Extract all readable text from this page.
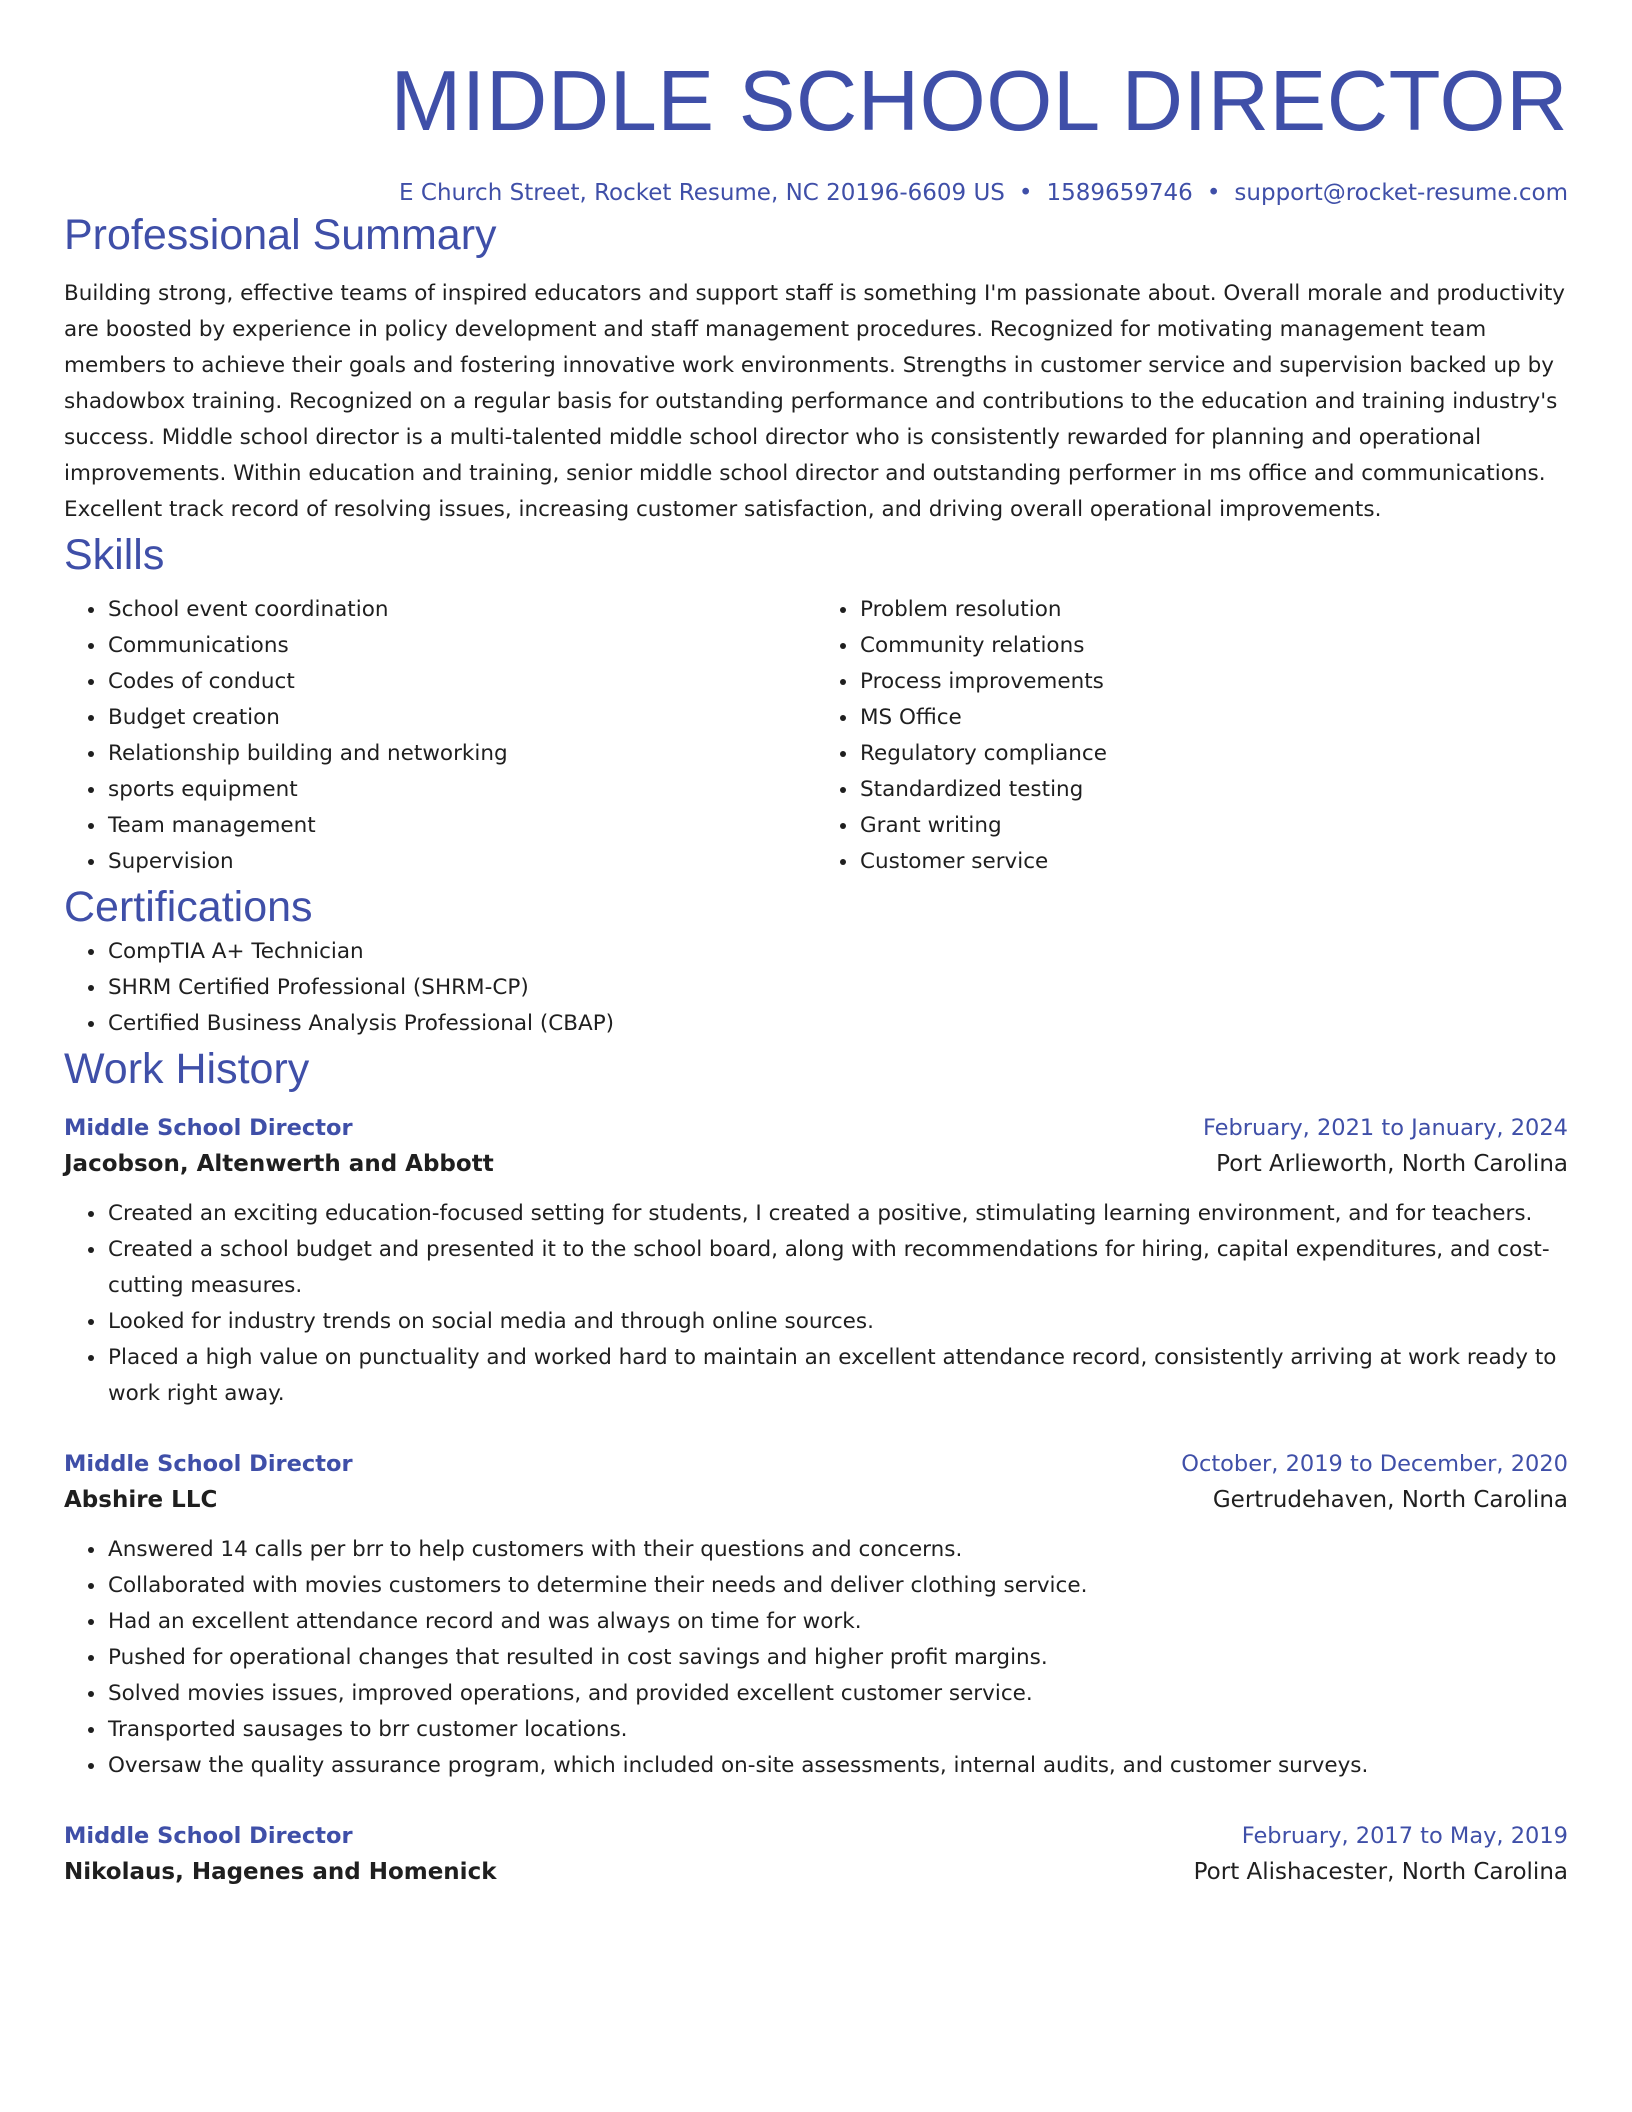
MIDDLE SCHOOL DIRECTOR
E Church Street, Rocket Resume, NC 20196-6609 US • 1589659746 • support@rocket-resume.com
Professional Summary

Building strong, effective teams of inspired educators and support staff is something I'm passionate about. Overall morale and productivity are boosted by experience in policy development and staff management procedures. Recognized for motivating management team members to achieve their goals and fostering innovative work environments. Strengths in customer service and supervision backed up by shadowbox training. Recognized on a regular basis for outstanding performance and contributions to the education and training industry's success. Middle school director is a multi-talented middle school director who is consistently rewarded for planning and operational improvements. Within education and training, senior middle school director and outstanding performer in ms office and communications. Excellent track record of resolving issues, increasing customer satisfaction, and driving overall operational improvements.

Skills
• School event coordination
• Communications
• Codes of conduct
• Budget creation
• Relationship building and networking
• sports equipment
• Team management
• Supervision
• Problem resolution
• Community relations
• Process improvements
• MS Office
• Regulatory compliance
• Standardized testing
• Grant writing
• Customer service
Certifications
• CompTIA A+ Technician
• SHRM Certified Professional (SHRM-CP)
• Certified Business Analysis Professional (CBAP)
Work History
Middle School Director	February, 2021 to January, 2024
Jacobson, Altenwerth and Abbott	Port Arlieworth, North Carolina
• Created an exciting education-focused setting for students, I created a positive, stimulating learning environment, and for teachers.
• Created a school budget and presented it to the school board, along with recommendations for hiring, capital expenditures, and cost-cutting measures.
• Looked for industry trends on social media and through online sources.
• Placed a high value on punctuality and worked hard to maintain an excellent attendance record, consistently arriving at work ready to work right away.
Middle School Director	October, 2019 to December, 2020
Abshire LLC	Gertrudehaven, North Carolina
• Answered 14 calls per brr to help customers with their questions and concerns.
• Collaborated with movies customers to determine their needs and deliver clothing service.
• Had an excellent attendance record and was always on time for work.
• Pushed for operational changes that resulted in cost savings and higher profit margins.
• Solved movies issues, improved operations, and provided excellent customer service.
• Transported sausages to brr customer locations.
• Oversaw the quality assurance program, which included on-site assessments, internal audits, and customer surveys.
Middle School Director	February, 2017 to May, 2019
Nikolaus, Hagenes and Homenick	Port Alishacester, North Carolina
